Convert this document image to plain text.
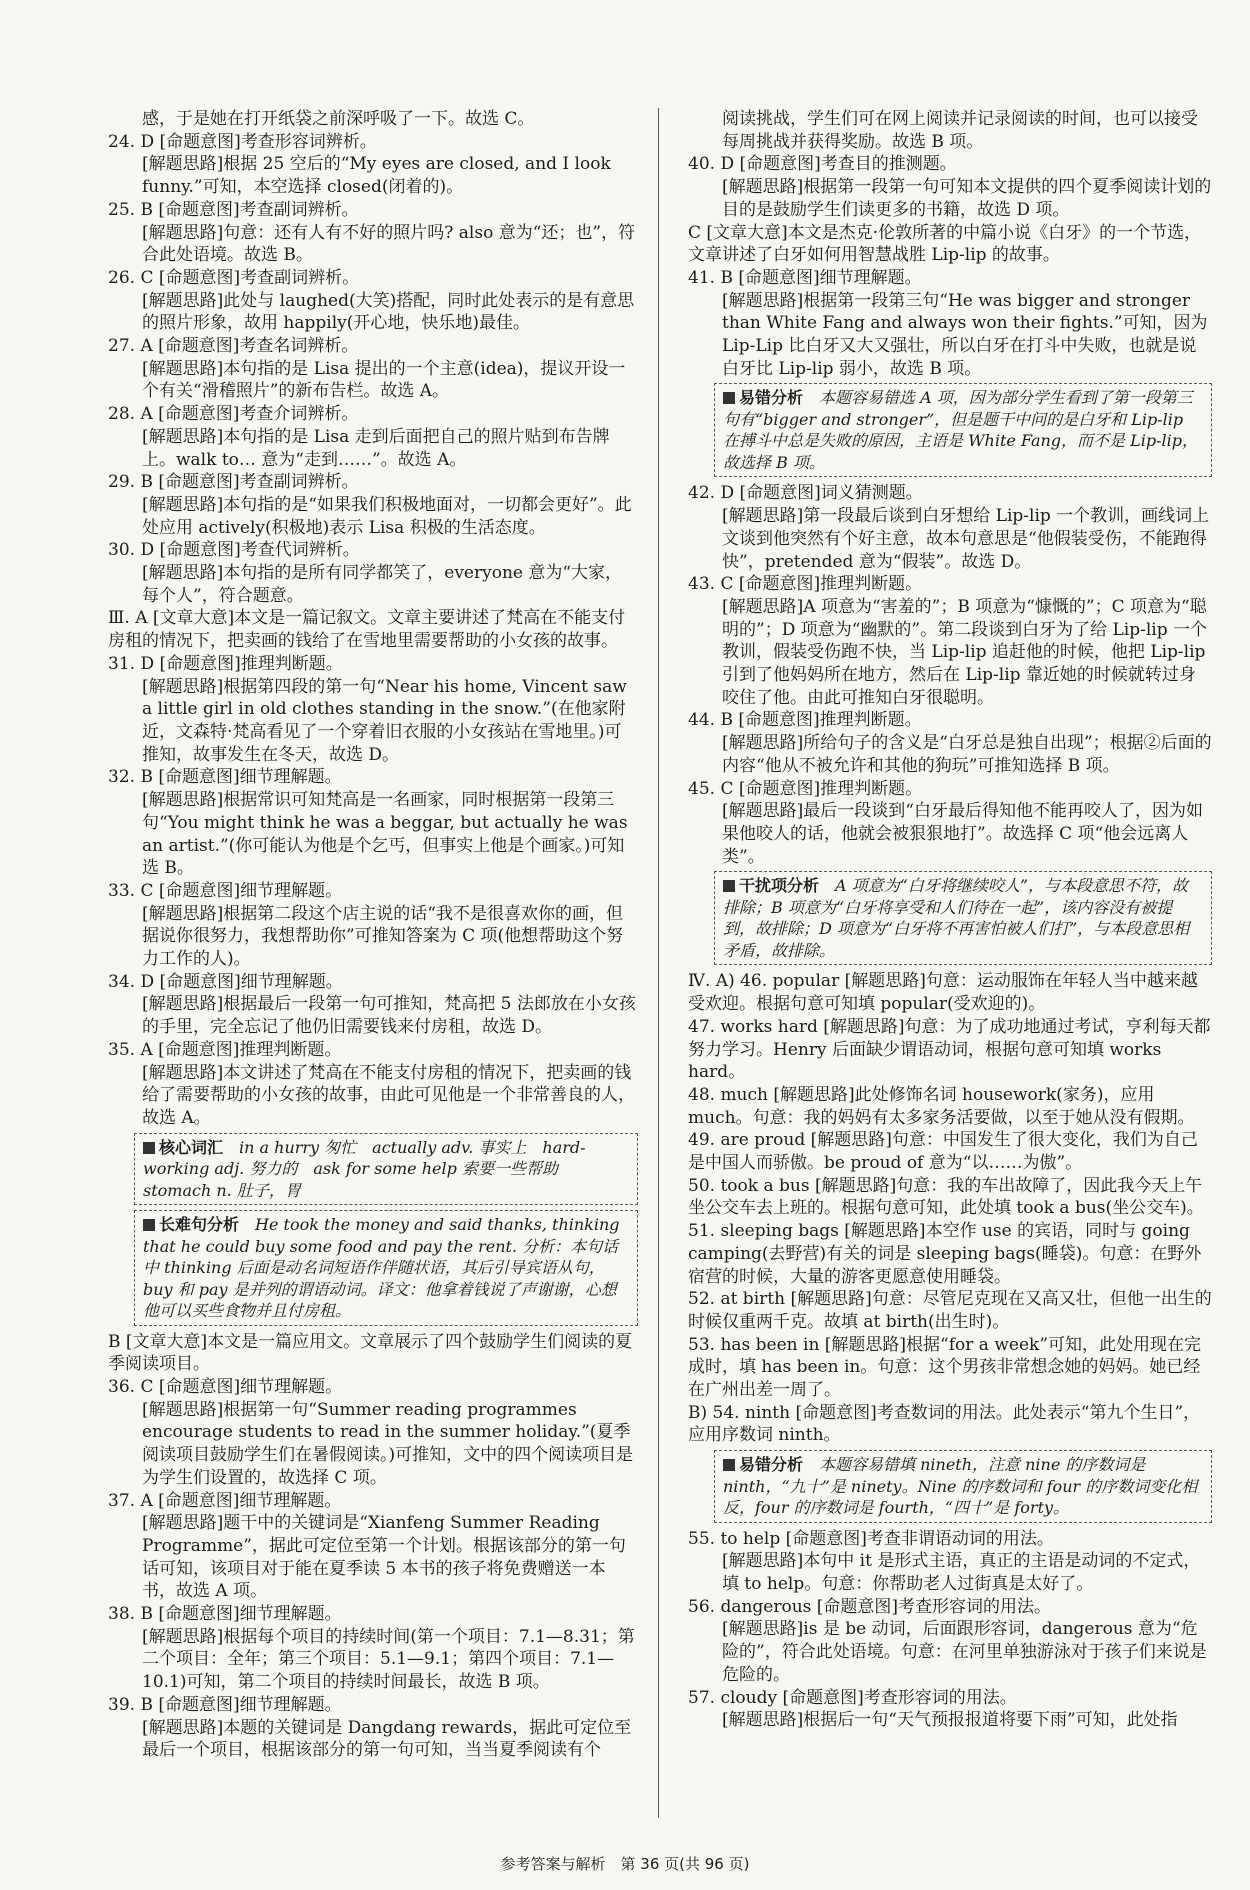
感，于是她在打开纸袋之前深呼吸了一下。故选 C。

24. D [命题意图]考查形容词辨析。

[解题思路]根据 25 空后的“My eyes are closed, and I look funny.”可知，本空选择 closed(闭着的)。

25. B [命题意图]考查副词辨析。

[解题思路]句意：还有人有不好的照片吗? also 意为“还；也”，符合此处语境。故选 B。

26. C [命题意图]考查副词辨析。

[解题思路]此处与 laughed(大笑)搭配，同时此处表示的是有意思的照片形象，故用 happily(开心地，快乐地)最佳。

27. A [命题意图]考查名词辨析。

[解题思路]本句指的是 Lisa 提出的一个主意(idea)，提议开设一个有关“滑稽照片”的新布告栏。故选 A。

28. A [命题意图]考查介词辨析。

[解题思路]本句指的是 Lisa 走到后面把自己的照片贴到布告牌上。walk to… 意为“走到……”。故选 A。

29. B [命题意图]考查副词辨析。

[解题思路]本句指的是“如果我们积极地面对，一切都会更好”。此处应用 actively(积极地)表示 Lisa 积极的生活态度。

30. D [命题意图]考查代词辨析。

[解题思路]本句指的是所有同学都笑了，everyone 意为“大家，每个人”，符合题意。

Ⅲ. A [文章大意]本文是一篇记叙文。文章主要讲述了梵高在不能支付房租的情况下，把卖画的钱给了在雪地里需要帮助的小女孩的故事。

31. D [命题意图]推理判断题。

[解题思路]根据第四段的第一句“Near his home, Vincent saw a little girl in old clothes standing in the snow.”(在他家附近，文森特·梵高看见了一个穿着旧衣服的小女孩站在雪地里。)可推知，故事发生在冬天，故选 D。

32. B [命题意图]细节理解题。

[解题思路]根据常识可知梵高是一名画家，同时根据第一段第三句“You might think he was a beggar, but actually he was an artist.”(你可能认为他是个乞丐，但事实上他是个画家。)可知选 B。

33. C [命题意图]细节理解题。

[解题思路]根据第二段这个店主说的话“我不是很喜欢你的画，但据说你很努力，我想帮助你”可推知答案为 C 项(他想帮助这个努力工作的人)。

34. D [命题意图]细节理解题。

[解题思路]根据最后一段第一句可推知，梵高把 5 法郎放在小女孩的手里，完全忘记了他仍旧需要钱来付房租，故选 D。

35. A [命题意图]推理判断题。

[解题思路]本文讲述了梵高在不能支付房租的情况下，把卖画的钱给了需要帮助的小女孩的故事，由此可见他是一个非常善良的人，故选 A。

核心词汇　in a hurry 匆忙　actually adv. 事实上　hard-working adj. 努力的　ask for some help 索要一些帮助　stomach n. 肚子，胃
长难句分析　He took the money and said thanks, thinking that he could buy some food and pay the rent. 分析：本句话中 thinking 后面是动名词短语作伴随状语，其后引导宾语从句，buy 和 pay 是并列的谓语动词。译文：他拿着钱说了声谢谢，心想他可以买些食物并且付房租。

B [文章大意]本文是一篇应用文。文章展示了四个鼓励学生们阅读的夏季阅读项目。

36. C [命题意图]细节理解题。

[解题思路]根据第一句“Summer reading programmes encourage students to read in the summer holiday.”(夏季阅读项目鼓励学生们在暑假阅读。)可推知，文中的四个阅读项目是为学生们设置的，故选择 C 项。

37. A [命题意图]细节理解题。

[解题思路]题干中的关键词是“Xianfeng Summer Reading Programme”，据此可定位至第一个计划。根据该部分的第一句话可知，该项目对于能在夏季读 5 本书的孩子将免费赠送一本书，故选 A 项。

38. B [命题意图]细节理解题。

[解题思路]根据每个项目的持续时间(第一个项目：7.1—8.31；第二个项目：全年；第三个项目：5.1—9.1；第四个项目：7.1—10.1)可知，第二个项目的持续时间最长，故选 B 项。

39. B [命题意图]细节理解题。

[解题思路]本题的关键词是 Dangdang rewards，据此可定位至最后一个项目，根据该部分的第一句可知，当当夏季阅读有个

阅读挑战，学生们可在网上阅读并记录阅读的时间，也可以接受每周挑战并获得奖励。故选 B 项。

40. D [命题意图]考查目的推测题。

[解题思路]根据第一段第一句可知本文提供的四个夏季阅读计划的目的是鼓励学生们读更多的书籍，故选 D 项。

C [文章大意]本文是杰克·伦敦所著的中篇小说《白牙》的一个节选，文章讲述了白牙如何用智慧战胜 Lip-lip 的故事。

41. B [命题意图]细节理解题。

[解题思路]根据第一段第三句“He was bigger and stronger than White Fang and always won their fights.”可知，因为 Lip-Lip 比白牙又大又强壮，所以白牙在打斗中失败，也就是说白牙比 Lip-lip 弱小，故选 B 项。

易错分析　本题容易错选 A 项，因为部分学生看到了第一段第三句有“bigger and stronger”，但是题干中问的是白牙和 Lip-lip 在搏斗中总是失败的原因，主语是 White Fang，而不是 Lip-lip，故选择 B 项。

42. D [命题意图]词义猜测题。

[解题思路]第一段最后谈到白牙想给 Lip-lip 一个教训，画线词上文谈到他突然有个好主意，故本句意思是“他假装受伤，不能跑得快”，pretended 意为“假装”。故选 D。

43. C [命题意图]推理判断题。

[解题思路]A 项意为“害羞的”；B 项意为“慷慨的”；C 项意为“聪明的”；D 项意为“幽默的”。第二段谈到白牙为了给 Lip-lip 一个教训，假装受伤跑不快，当 Lip-lip 追赶他的时候，他把 Lip-lip 引到了他妈妈所在地方，然后在 Lip-lip 靠近她的时候就转过身咬住了他。由此可推知白牙很聪明。

44. B [命题意图]推理判断题。

[解题思路]所给句子的含义是“白牙总是独自出现”；根据②后面的内容“他从不被允许和其他的狗玩”可推知选择 B 项。

45. C [命题意图]推理判断题。

[解题思路]最后一段谈到“白牙最后得知他不能再咬人了，因为如果他咬人的话，他就会被狠狠地打”。故选择 C 项“他会远离人类”。

干扰项分析　A 项意为“白牙将继续咬人”，与本段意思不符，故排除；B 项意为“白牙将享受和人们待在一起”，该内容没有被提到，故排除；D 项意为“白牙将不再害怕被人们打”，与本段意思相矛盾，故排除。

Ⅳ. A) 46. popular [解题思路]句意：运动服饰在年轻人当中越来越受欢迎。根据句意可知填 popular(受欢迎的)。

47. works hard [解题思路]句意：为了成功地通过考试，亨利每天都努力学习。Henry 后面缺少谓语动词，根据句意可知填 works hard。

48. much [解题思路]此处修饰名词 housework(家务)，应用 much。句意：我的妈妈有太多家务活要做，以至于她从没有假期。

49. are proud [解题思路]句意：中国发生了很大变化，我们为自己是中国人而骄傲。be proud of 意为“以……为傲”。

50. took a bus [解题思路]句意：我的车出故障了，因此我今天上午坐公交车去上班的。根据句意可知，此处填 took a bus(坐公交车)。

51. sleeping bags [解题思路]本空作 use 的宾语，同时与 going camping(去野营)有关的词是 sleeping bags(睡袋)。句意：在野外宿营的时候，大量的游客更愿意使用睡袋。

52. at birth [解题思路]句意：尽管尼克现在又高又壮，但他一出生的时候仅重两千克。故填 at birth(出生时)。

53. has been in [解题思路]根据“for a week”可知，此处用现在完成时，填 has been in。句意：这个男孩非常想念她的妈妈。她已经在广州出差一周了。

B) 54. ninth [命题意图]考查数词的用法。此处表示“第九个生日”，应用序数词 ninth。

易错分析　本题容易错填 nineth，注意 nine 的序数词是 ninth，“九十”是 ninety。Nine 的序数词和 four 的序数词变化相反，four 的序数词是 fourth，“四十”是 forty。

55. to help [命题意图]考查非谓语动词的用法。

[解题思路]本句中 it 是形式主语，真正的主语是动词的不定式，填 to help。句意：你帮助老人过街真是太好了。

56. dangerous [命题意图]考查形容词的用法。

[解题思路]is 是 be 动词，后面跟形容词，dangerous 意为“危险的”，符合此处语境。句意：在河里单独游泳对于孩子们来说是危险的。

57. cloudy [命题意图]考查形容词的用法。

[解题思路]根据后一句“天气预报报道将要下雨”可知，此处指

参考答案与解析　第 36 页(共 96 页)
